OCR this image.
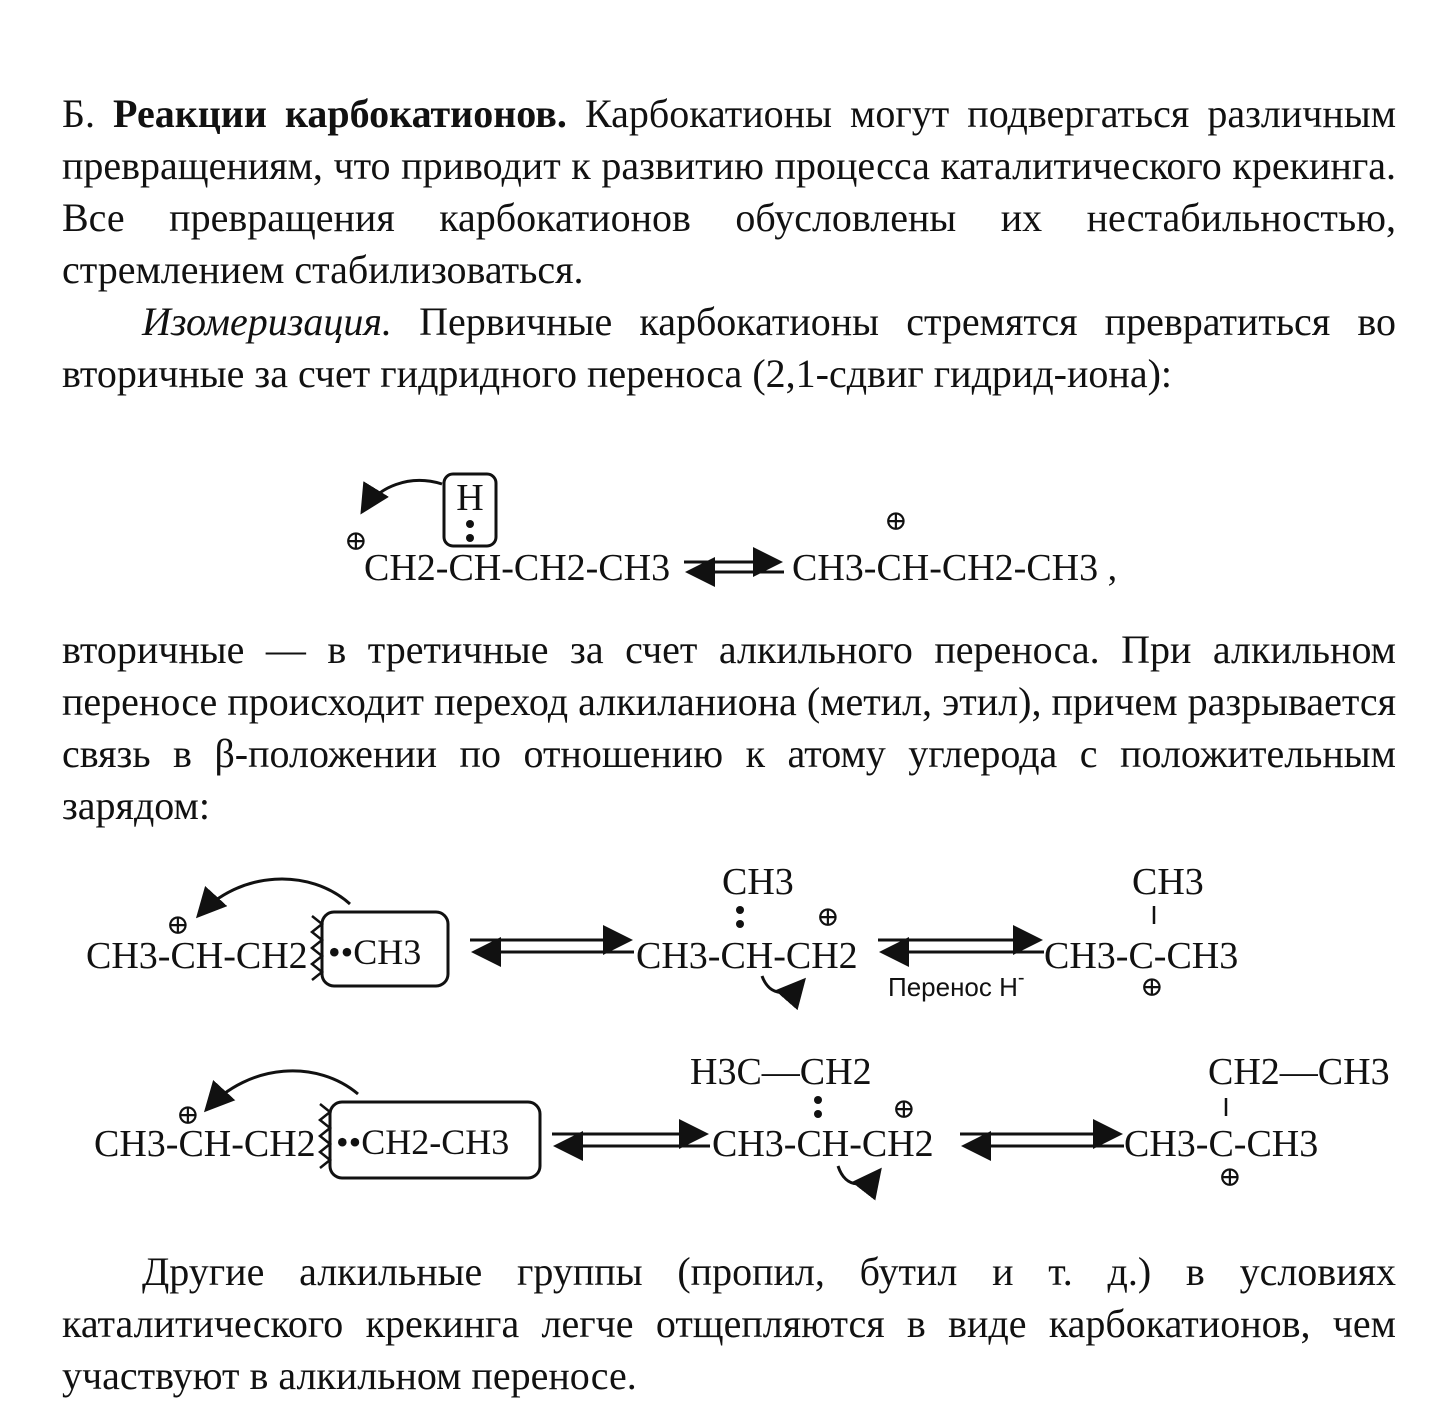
Б. Реакции карбокатионов. Карбокатионы могут подвергаться различным превращениям, что приводит к развитию процесса каталитического крекинга. Все превращения карбокатионов обусловлены их нестабильностью, стремлением стабилизоваться.

Изомеризация. Первичные карбокатионы стремятся превратиться во вторичные за счет гидридного переноса (2,1-сдвиг гидрид-иона):

вторичные — в третичные за счет алкильного переноса. При алкильном переносе происходит переход алкиланиона (метил, этил), причем разрывается связь в β-положении по отношению к атому углерода с положительным зарядом:

Другие алкильные группы (пропил, бутил и т. д.) в условиях каталитического крекинга легче отщепляются в виде карбокатионов, чем участвуют в алкильном переносе.

H
⊕
CH2-CH-CH2-CH3
⊕
CH3-CH-CH2-CH3 ,
⊕
CH3-CH-CH2 ••CH3
CH3
⊕
CH3-CH-CH2
Перенос H-
CH3
CH3-C-CH3
⊕
⊕
CH3-CH-CH2 ••CH2-CH3
H3C—CH2
⊕
CH3-CH-CH2
CH2—CH3
CH3-C-CH3
⊕
